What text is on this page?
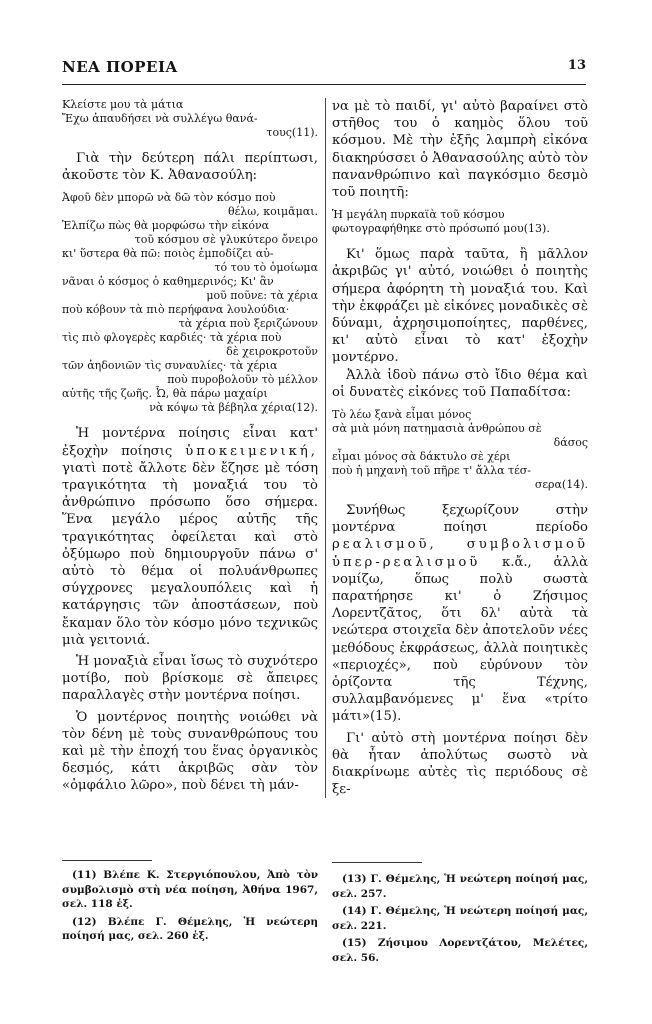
ΝΕΑ ΠΟΡΕΙΑ	13
Κλείστε μου τὰ μάτια
Ἔχω ἀπαυδήσει νὰ συλλέγω θανά-
τους(11).

Γιὰ τὴν δεύτερη πάλι περίπτωσι, ἀκοῦστε τὸν Κ. Ἀθανασούλη:

Ἀφοῦ δὲν μπορῶ νὰ δῶ τὸν κόσμο ποὺ
θέλω, κοιμᾶμαι.
Ἐλπίζω πὼς θὰ μορφώσω τὴν εἰκόνα
τοῦ κόσμου σὲ γλυκύτερο ὄνειρο
κι' ὕστερα θὰ πῶ: ποιὸς ἐμποδίζει αὐ-
τό του τὸ ὁμοίωμα
νᾶναι ὁ κόσμος ὁ καθημερινός; Κι' ἂν
μοῦ ποῦνε: τὰ χέρια
ποὺ κόβουν τὰ πιὸ περήφανα λουλούδια·
τὰ χέρια ποὺ ξεριζώνουν
τὶς πιὸ φλογερὲς καρδιές· τὰ χέρια ποὺ
δὲ χειροκροτοῦν
τῶν ἀηδονιῶν τὶς συναυλίες· τὰ χέρια
ποὺ πυροβολοῦν τὸ μέλλον
αὐτῆς τῆς ζωῆς. Ὦ, θὰ πάρω μαχαίρι
νὰ κόψω τὰ βέβηλα χέρια(12).

Ἡ μοντέρνα ποίησις εἶναι κατ' ἐξοχὴν ποίησις ὑποκειμενική, γιατὶ ποτὲ ἄλλοτε δὲν ἔζησε μὲ τόση τραγικότητα τὴ μοναξιά του τὸ ἀνθρώπινο πρόσωπο ὅσο σήμερα. Ἕνα μεγάλο μέρος αὐτῆς τῆς τραγικότητας ὀφείλεται καὶ στὸ ὀξύμωρο ποὺ δημιουργοῦν πάνω σ' αὐτὸ τὸ θέμα οἱ πολυάνθρωπες σύγχρονες μεγαλουπόλεις καὶ ἡ κατάργησις τῶν ἀποστάσεων, ποὺ ἔκαμαν ὅλο τὸν κόσμο μόνο τεχνικῶς μιὰ γειτονιά.

Ἡ μοναξιὰ εἶναι ἴσως τὸ συχνότερο μοτίβο, ποὺ βρίσκομε σὲ ἄπειρες παραλλαγὲς στὴν μοντέρνα ποίησι.

Ὁ μοντέρνος ποιητὴς νοιώθει νὰ τὸν δένη μὲ τοὺς συνανθρώπους του καὶ μὲ τὴν ἐποχή του ἕνας ὀργανικὸς δεσμός, κάτι ἀκριβῶς σὰν τὸν «ὀμφάλιο λῶρο», ποὺ δένει τὴ μάν-

να μὲ τὸ παιδί, γι' αὐτὸ βαραίνει στὸ στῆθος του ὁ καημὸς ὅλου τοῦ κόσμου. Μὲ τὴν ἑξῆς λαμπρὴ εἰκόνα διακηρύσσει ὁ Ἀθανασούλης αὐτὸ τὸν πανανθρώπινο καὶ παγκόσμιο δεσμὸ τοῦ ποιητῆ:

Ἡ μεγάλη πυρκαϊὰ τοῦ κόσμου φωτογραφήθηκε στὸ πρόσωπό μου(13).

Κι' ὅμως παρὰ ταῦτα, ἢ μᾶλλον ἀκριβῶς γι' αὐτό, νοιώθει ὁ ποιητὴς σήμερα ἀφόρητη τὴ μοναξιά του. Καὶ τὴν ἐκφράζει μὲ εἰκόνες μοναδικὲς σὲ δύναμι, ἀχρησιμοποίητες, παρθένες, κι' αὐτὸ εἶναι τὸ κατ' ἐξοχὴν μοντέρνο.

Ἀλλὰ ἰδοὺ πάνω στὸ ἴδιο θέμα καὶ οἱ δυνατὲς εἰκόνες τοῦ Παπαδίτσα:

Τὸ λέω ξανὰ εἶμαι μόνος
σὰ μιὰ μόνη πατημασιὰ ἀνθρώπου σὲ
δάσος
εἶμαι μόνος σὰ δάκτυλο σὲ χέρι
ποὺ ἡ μηχανὴ τοῦ πῆρε τ' ἄλλα τέσ-
σερα(14).

Συνήθως ξεχωρίζουν στὴν μοντέρνα ποίησι περίοδο ρεαλισμοῦ, συμβολισμοῦ ὑπερ-ρεαλισμοῦ κ.ἄ., ἀλλὰ νομίζω, ὅπως πολὺ σωστὰ παρατήρησε κι' ὁ Ζήσιμος Λορεντζᾶτος, ὅτι δλ' αὐτὰ τὰ νεώτερα στοιχεῖα δὲν ἀποτελοῦν νέες μεθόδους ἐκφράσεως, ἀλλὰ ποιητικὲς «περιοχές», ποὺ εὐρύνουν τὸν ὁρίζοντα τῆς Τέχνης, συλλαμβανόμενες μ' ἕνα «τρίτο μάτι»(15).

Γι' αὐτὸ στὴ μοντέρνα ποίησι δὲν θὰ ἦταν ἀπολύτως σωστὸ νὰ διακρίνωμε αὐτὲς τὶς περιόδους σὲ ξε-

(11) Βλέπε Κ. Στεργιόπουλου, Ἀπὸ τὸν συμβολισμὸ στὴ νέα ποίηση, Ἀθήνα 1967, σελ. 118 ἑξ.

(12) Βλέπε Γ. Θέμελης, Ἡ νεώτερη ποίησή μας, σελ. 260 ἑξ.

(13) Γ. Θέμελης, Ἡ νεώτερη ποίησή μας, σελ. 257.

(14) Γ. Θέμελης, Ἡ νεώτερη ποίησή μας, σελ. 221.

(15) Ζήσιμου Λορεντζάτου, Μελέτες, σελ. 56.
